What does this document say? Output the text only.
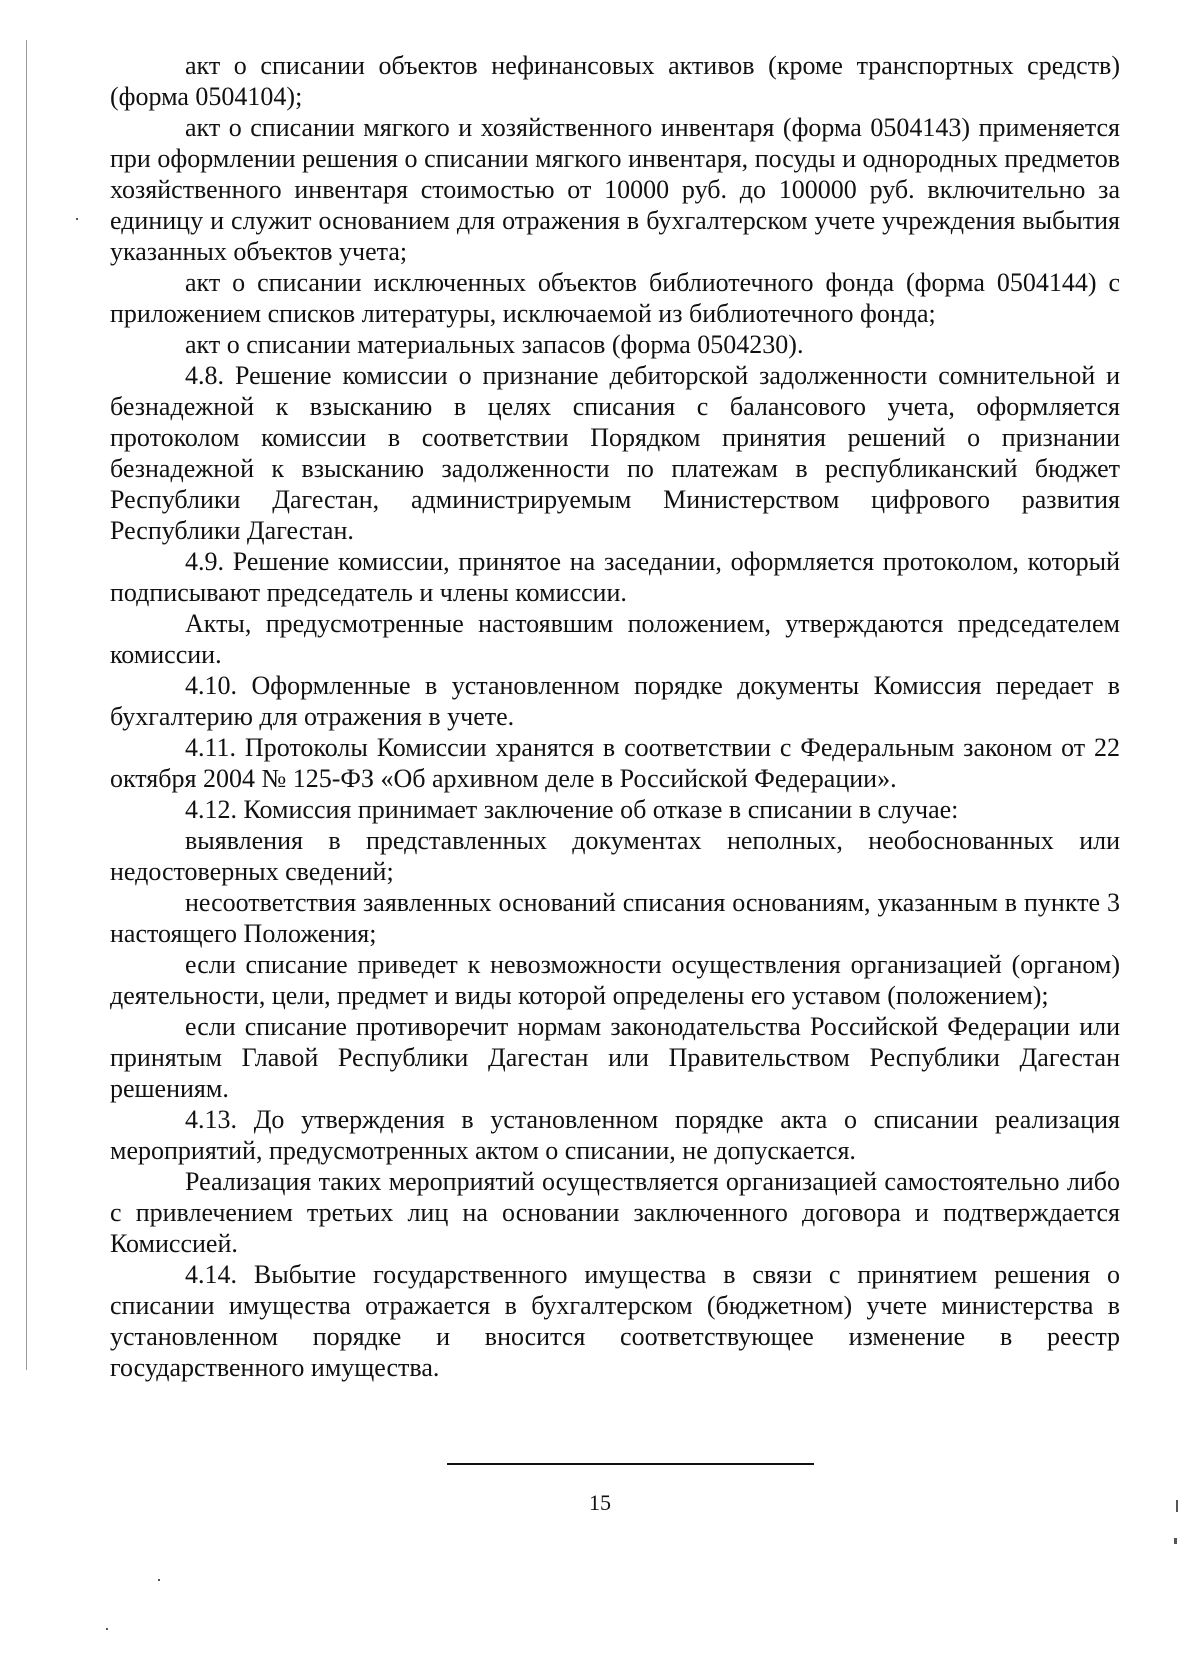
акт о списании объектов нефинансовых активов (кроме транспортных средств) (форма 0504104);

акт о списании мягкого и хозяйственного инвентаря (форма 0504143) применяется при оформлении решения о списании мягкого инвентаря, посуды и однородных предметов хозяйственного инвентаря стоимостью от 10000 руб. до 100000 руб. включительно за единицу и служит основанием для отражения в бухгалтерском учете учреждения выбытия указанных объектов учета;

акт о списании исключенных объектов библиотечного фонда (форма 0504144) с приложением списков литературы, исключаемой из библиотечного фонда;

акт о списании материальных запасов (форма 0504230).

4.8. Решение комиссии о признание дебиторской задолженности сомнительной и безнадежной к взысканию в целях списания с балансового учета, оформляется протоколом комиссии в соответствии Порядком принятия решений о признании безнадежной к взысканию задолженности по платежам в республиканский бюджет Республики Дагестан, администрируемым Министерством цифрового развития Республики Дагестан.

4.9. Решение комиссии, принятое на заседании, оформляется протоколом, который подписывают председатель и члены комиссии.

Акты, предусмотренные настоявшим положением, утверждаются председателем комиссии.

4.10. Оформленные в установленном порядке документы Комиссия передает в бухгалтерию для отражения в учете.

4.11. Протоколы Комиссии хранятся в соответствии с Федеральным законом от 22 октября 2004 № 125-ФЗ «Об архивном деле в Российской Федерации».

4.12. Комиссия принимает заключение об отказе в списании в случае:

выявления в представленных документах неполных, необоснованных или недостоверных сведений;

несоответствия заявленных оснований списания основаниям, указанным в пункте 3 настоящего Положения;

если списание приведет к невозможности осуществления организацией (органом) деятельности, цели, предмет и виды которой определены его уставом (положением);

если списание противоречит нормам законодательства Российской Федерации или принятым Главой Республики Дагестан или Правительством Республики Дагестан решениям.

4.13. До утверждения в установленном порядке акта о списании реализация мероприятий, предусмотренных актом о списании, не допускается.

Реализация таких мероприятий осуществляется организацией самостоятельно либо с привлечением третьих лиц на основании заключенного договора и подтверждается Комиссией.

4.14. Выбытие государственного имущества в связи с принятием решения о списании имущества отражается в бухгалтерском (бюджетном) учете министерства в установленном порядке и вносится соответствующее изменение в реестр государственного имущества.

15
